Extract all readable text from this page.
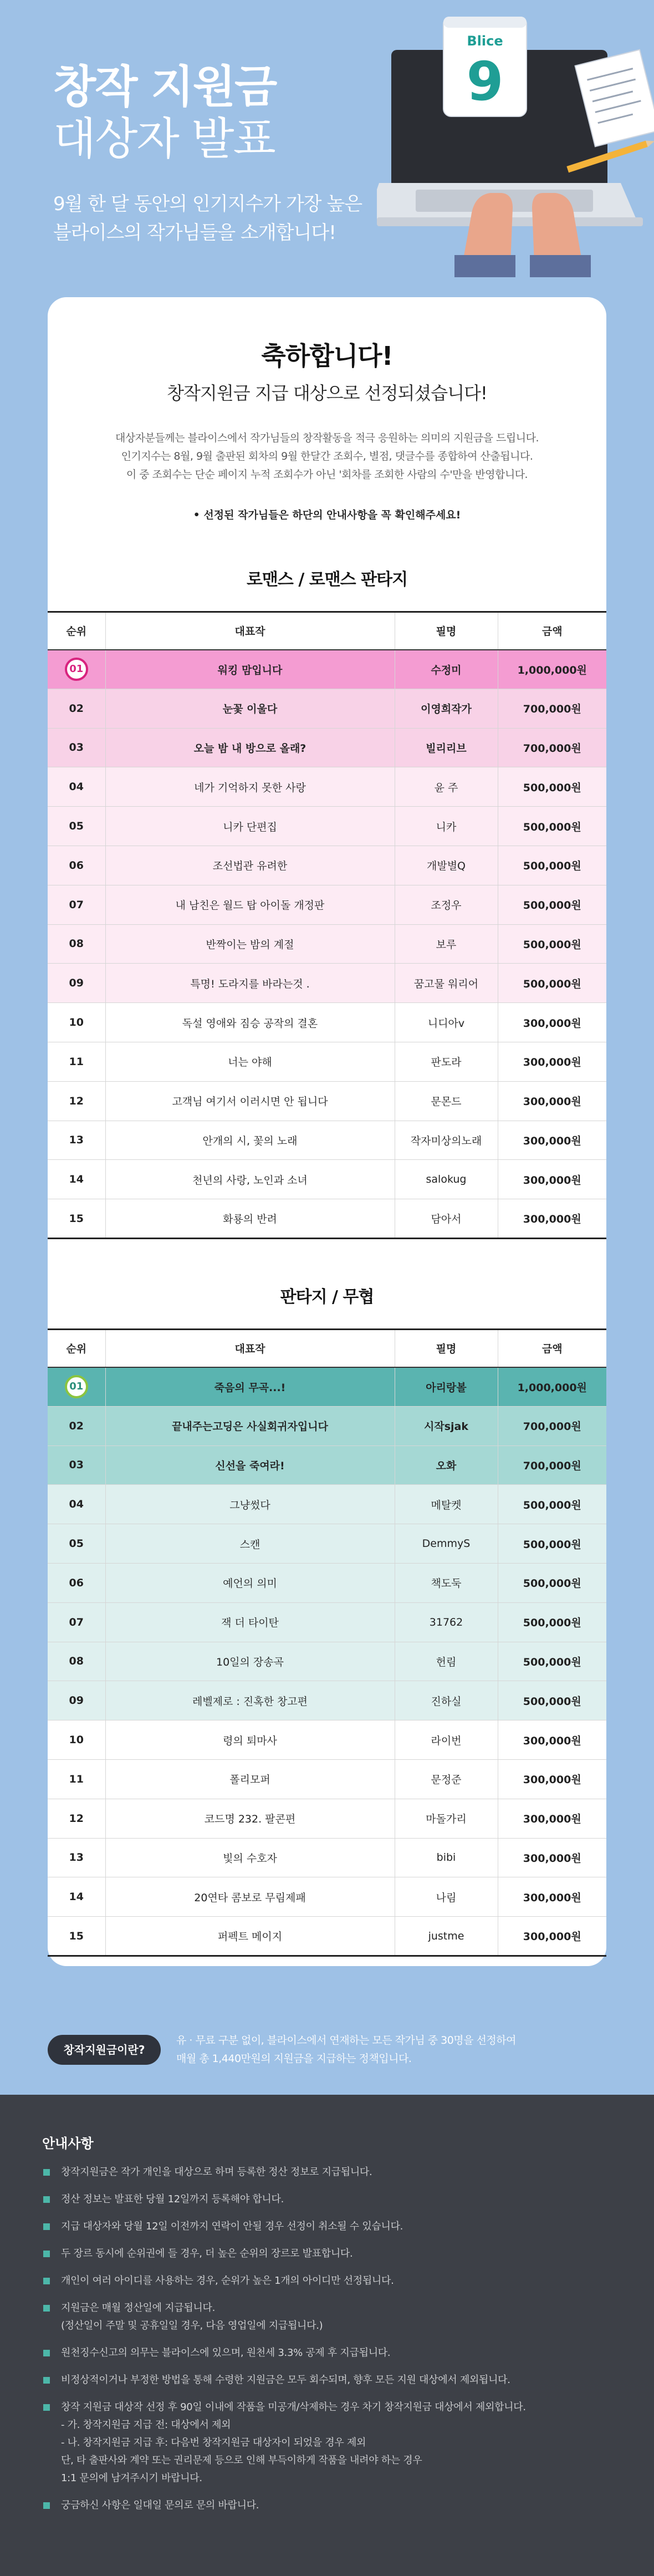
창작 지원금
대상자 발표
9월 한 달 동안의 인기지수가 가장 높은
블라이스의 작가님들을 소개합니다!
Blice
9
축하합니다!
창작지원금 지급 대상으로 선정되셨습니다!
대상자분들께는 블라이스에서 작가님들의 창작활동을 적극 응원하는 의미의 지원금을 드립니다.
인기지수는 8월, 9월 출판된 회차의 9월 한달간 조회수, 별점, 댓글수를 종합하여 산출됩니다.
이 중 조회수는 단순 페이지 누적 조회수가 아닌 '회차를 조회한 사람의 수'만을 반영합니다.
• 선정된 작가님들은 하단의 안내사항을 꼭 확인해주세요!
로맨스 / 로맨스 판타지
순위	대표작	필명	금액
01	워킹 맘입니다	수정미	1,000,000원
02	눈꽃 이울다	이영희작가	700,000원
03	오늘 밤 내 방으로 올래?	빌리리브	700,000원
04	네가 기억하지 못한 사랑	윤 주	500,000원
05	니카 단편집	니카	500,000원
06	조선법관 유려한	개발별Q	500,000원
07	내 남친은 월드 탑 아이돌 개정판	조정우	500,000원
08	반짝이는 밤의 계절	보루	500,000원
09	특명! 도라지를 바라는것 .	꿈고물 워리어	500,000원
10	독설 영애와 짐승 공작의 결혼	니디아v	300,000원
11	너는 야해	판도라	300,000원
12	고객님 여기서 이러시면 안 됩니다	문몬드	300,000원
13	안개의 시, 꽃의 노래	작자미상의노래	300,000원
14	천년의 사랑, 노인과 소녀	salokug	300,000원
15	화룡의 반려	담아서	300,000원
판타지 / 무협
순위	대표작	필명	금액
01	죽음의 무곡...!	아리랑볼	1,000,000원
02	끝내주는고딩은 사실회귀자입니다	시작sjak	700,000원
03	신선을 죽여라!	오화	700,000원
04	그냥썼다	메탈켓	500,000원
05	스캔	DemmyS	500,000원
06	예언의 의미	책도둑	500,000원
07	잭 더 타이탄	31762	500,000원
08	10일의 장송곡	헌림	500,000원
09	레벨제로 : 진혹한 창고편	진하실	500,000원
10	령의 퇴마사	라이번	300,000원
11	폴리모퍼	문정준	300,000원
12	코드명 232. 팔콘편	마돌가리	300,000원
13	빛의 수호자	bibi	300,000원
14	20연타 콤보로 무림제패	나림	300,000원
15	퍼펙트 메이지	justme	300,000원
창작지원금이란?
유 · 무료 구분 없이, 블라이스에서 연재하는 모든 작가님 중 30명을 선정하여
매월 총 1,440만원의 지원금을 지급하는 정책입니다.
안내사항
창작지원금은 작가 개인을 대상으로 하며 등록한 정산 정보로 지급됩니다.
정산 정보는 발표한 당월 12일까지 등록해야 합니다.
지급 대상자와 당월 12일 이전까지 연락이 안될 경우 선정이 취소될 수 있습니다.
두 장르 동시에 순위권에 들 경우, 더 높은 순위의 장르로 발표합니다.
개인이 여러 아이디를 사용하는 경우, 순위가 높은 1개의 아이디만 선정됩니다.
지원금은 매월 정산일에 지급됩니다.
(정산일이 주말 및 공휴일일 경우, 다음 영업일에 지급됩니다.)
원천징수신고의 의무는 블라이스에 있으며, 원천세 3.3% 공제 후 지급됩니다.
비정상적이거나 부정한 방법을 통해 수령한 지원금은 모두 회수되며, 향후 모든 지원 대상에서 제외됩니다.
창작 지원금 대상작 선정 후 90일 이내에 작품을 미공개/삭제하는 경우 차기 창작지원금 대상에서 제외합니다.
- 가. 창작지원금 지급 전: 대상에서 제외
- 나. 창작지원금 지급 후: 다음번 창작지원금 대상자이 되었을 경우 제외
단, 타 출판사와 계약 또는 권리문제 등으로 인해 부득이하게 작품을 내려야 하는 경우
1:1 문의에 남겨주시기 바랍니다.
궁금하신 사항은 일대일 문의로 문의 바랍니다.
